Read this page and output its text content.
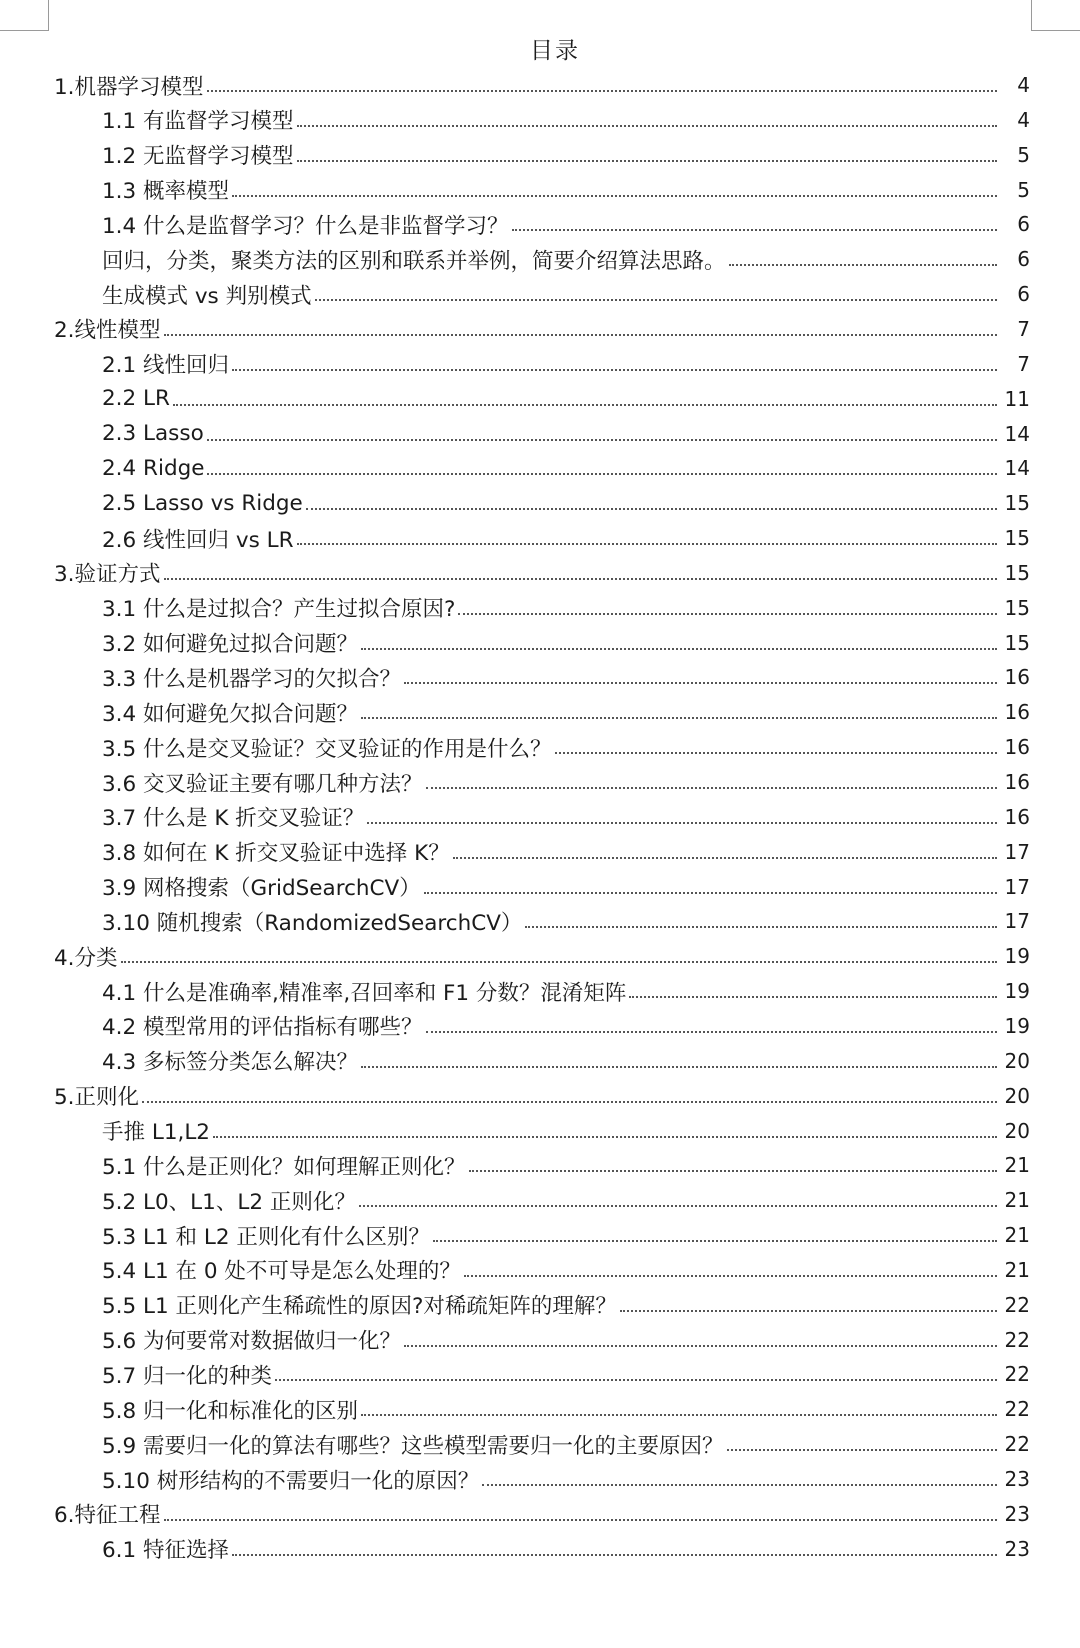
目录
1.机器学习模型	4
1.1 有监督学习模型	4
1.2 无监督学习模型	5
1.3 概率模型	5
1.4 什么是监督学习？什么是非监督学习？	6
回归，分类，聚类方法的区别和联系并举例，简要介绍算法思路。	6
生成模式 vs 判别模式	6
2.线性模型	7
2.1 线性回归	7
2.2 LR	11
2.3 Lasso	14
2.4 Ridge	14
2.5 Lasso vs Ridge	15
2.6 线性回归 vs LR	15
3.验证方式	15
3.1 什么是过拟合？产生过拟合原因?	15
3.2 如何避免过拟合问题？	15
3.3 什么是机器学习的欠拟合？	16
3.4 如何避免欠拟合问题？	16
3.5 什么是交叉验证？交叉验证的作用是什么？	16
3.6 交叉验证主要有哪几种方法？	16
3.7 什么是 K 折交叉验证？	16
3.8 如何在 K 折交叉验证中选择 K？	17
3.9 网格搜索（GridSearchCV）	17
3.10 随机搜索（RandomizedSearchCV）	17
4.分类	19
4.1 什么是准确率,精准率,召回率和 F1 分数？混淆矩阵	19
4.2 模型常用的评估指标有哪些？	19
4.3 多标签分类怎么解决？	20
5.正则化	20
手推 L1,L2	20
5.1 什么是正则化？如何理解正则化？	21
5.2 L0、L1、L2 正则化？	21
5.3 L1 和 L2 正则化有什么区别？	21
5.4 L1 在 0 处不可导是怎么处理的？	21
5.5 L1 正则化产生稀疏性的原因?对稀疏矩阵的理解？	22
5.6 为何要常对数据做归一化？	22
5.7 归一化的种类	22
5.8 归一化和标准化的区别	22
5.9 需要归一化的算法有哪些？这些模型需要归一化的主要原因？	22
5.10 树形结构的不需要归一化的原因？	23
6.特征工程	23
6.1 特征选择	23
